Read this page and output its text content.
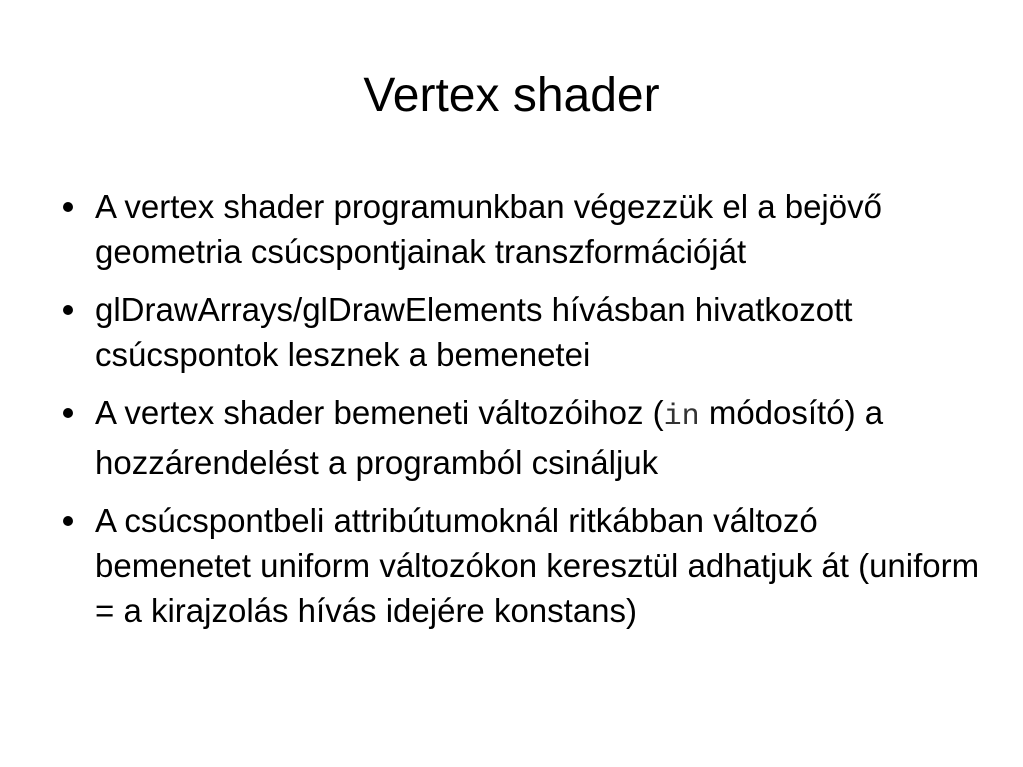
Vertex shader
A vertex shader programunkban végezzük el a bejövő geometria csúcspontjainak transzformációját
glDrawArrays/glDrawElements hívásban hivatkozott csúcspontok lesznek a bemenetei
A vertex shader bemeneti változóihoz (in módosító) a hozzárendelést a programból csináljuk
A csúcspontbeli attribútumoknál ritkábban változó bemenetet uniform változókon keresztül adhatjuk át (uniform = a kirajzolás hívás idejére konstans)
